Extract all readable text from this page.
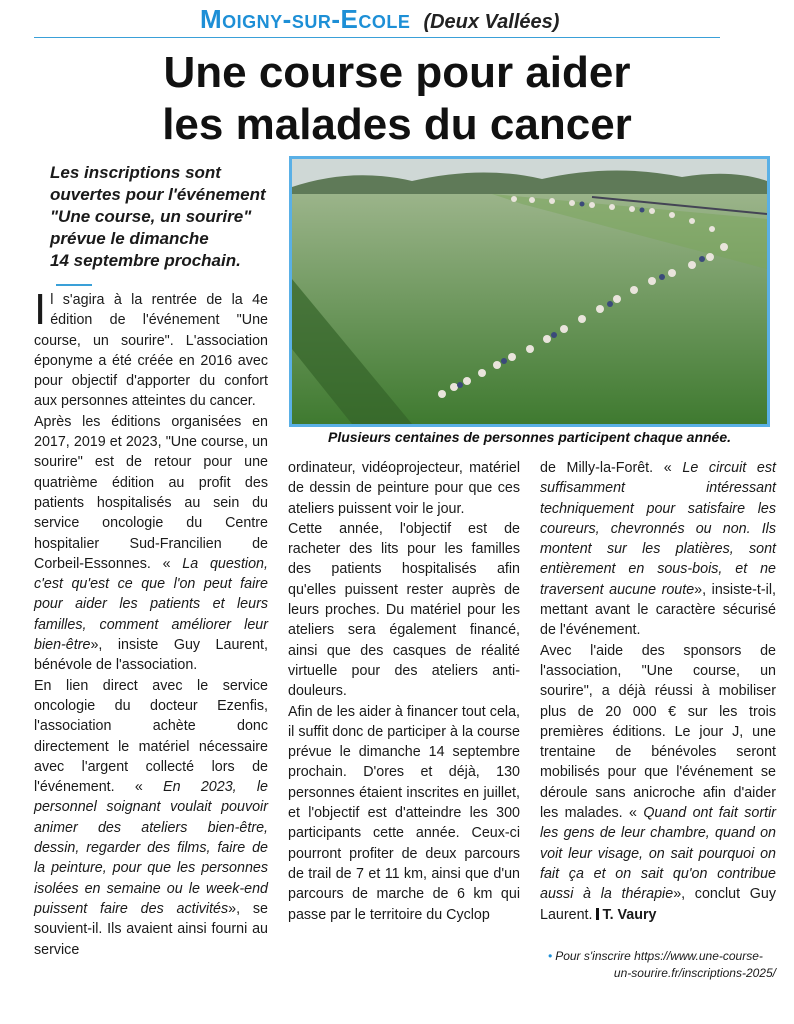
Moigny-sur-Ecole (Deux Vallées)
Une course pour aider
les malades du cancer
Les inscriptions sont
ouvertes pour l'événement
"Une course, un sourire"
prévue le dimanche
14 septembre prochain.
Plusieurs centaines de personnes participent chaque année.

Il s'agira à la rentrée de la 4e édition de l'événement "Une course, un sourire". L'association éponyme a été créée en 2016 avec pour objectif d'apporter du confort aux personnes atteintes du cancer.

Après les éditions organisées en 2017, 2019 et 2023, "Une course, un sourire" est de retour pour une quatrième édition au profit des patients hospitalisés au sein du service oncologie du Centre hospitalier Sud-Francilien de Corbeil-Essonnes. « La question, c'est qu'est ce que l'on peut faire pour aider les patients et leurs familles, comment améliorer leur bien-être», insiste Guy Laurent, bénévole de l'association.

En lien direct avec le service oncologie du docteur Ezenfis, l'association achète donc directement le matériel nécessaire avec l'argent collecté lors de l'événement. « En 2023, le personnel soignant voulait pouvoir animer des ateliers bien-être, dessin, regarder des films, faire de la peinture, pour que les personnes isolées en semaine ou le week-end puissent faire des activités», se souvient-il. Ils avaient ainsi fourni au service

ordinateur, vidéoprojecteur, matériel de dessin de peinture pour que ces ateliers puissent voir le jour.

Cette année, l'objectif est de racheter des lits pour les familles des patients hospitalisés afin qu'elles puissent rester auprès de leurs proches. Du matériel pour les ateliers sera également financé, ainsi que des casques de réalité virtuelle pour des ateliers anti-douleurs.

Afin de les aider à financer tout cela, il suffit donc de participer à la course prévue le dimanche 14 septembre prochain. D'ores et déjà, 130 personnes étaient inscrites en juillet, et l'objectif est d'atteindre les 300 participants cette année. Ceux-ci pourront profiter de deux parcours de trail de 7 et 11 km, ainsi que d'un parcours de marche de 6 km qui passe par le territoire du Cyclop

de Milly-la-Forêt. « Le circuit est suffisamment intéressant techniquement pour satisfaire les coureurs, chevronnés ou non. Ils montent sur les platières, sont entièrement en sous-bois, et ne traversent aucune route», insiste-t-il, mettant avant le caractère sécurisé de l'événement.

Avec l'aide des sponsors de l'association, "Une course, un sourire", a déjà réussi à mobiliser plus de 20 000 € sur les trois premières éditions. Le jour J, une trentaine de bénévoles seront mobilisés pour que l'événement se déroule sans anicroche afin d'aider les malades. « Quand ont fait sortir les gens de leur chambre, quand on voit leur visage, on sait pourquoi on fait ça et on sait qu'on contribue aussi à la thérapie», conclut Guy Laurent. T. Vaury

• Pour s'inscrire https://www.une-course-
un-sourire.fr/inscriptions-2025/
